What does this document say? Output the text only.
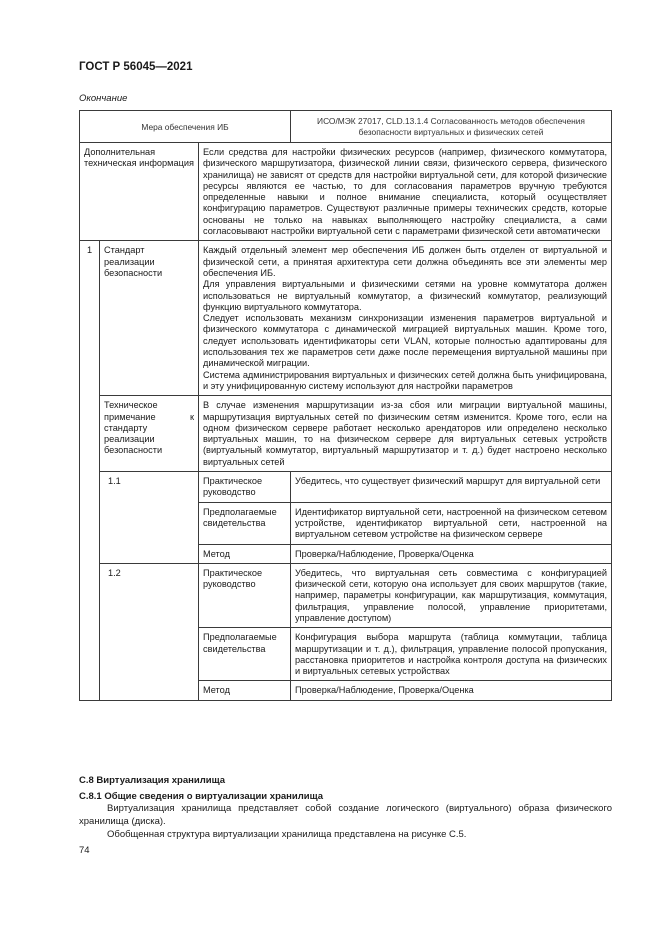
ГОСТ Р 56045—2021
Окончание
Мера обеспечения ИБ			ИСО/МЭК 27017, CLD.13.1.4 Согласованность методов обеспечения безопасности виртуальных и физических сетей
Дополнительная техническая информация		Если средства для настройки физических ресурсов (например, физического коммутатора, физического маршрутизатора, физической линии связи, физического сервера, физического хранилища) не зависят от средств для настройки виртуальной сети, для которой физические ресурсы являются ее частью, то для согласования параметров вручную требуются определенные навыки и полное внимание специалиста, который осуществляет конфигурацию параметров. Существуют различные примеры технических средств, которые основаны не только на навыках выполняющего настройку специалиста, а сами согласовывают настройки виртуальной сети с параметрами физической сети автоматически	
1	Стандарт реализации безопасности	Каждый отдельный элемент мер обеспечения ИБ должен быть отделен от виртуальной и физической сети, а принятая архитектура сети должна объединять все эти элементы мер обеспечения ИБ.
Для управления виртуальными и физическими сетями на уровне коммутатора должен использоваться не виртуальный коммутатор, а физический коммутатор, реализующий функцию виртуального коммутатора.
Следует использовать механизм синхронизации изменения параметров виртуальной и физического коммутатора с динамической миграцией виртуальных машин. Кроме того, следует использовать идентификаторы сети VLAN, которые полностью адаптированы для использования тех же параметров сети даже после перемещения виртуальной машины при динамической миграции.
Система администрирования виртуальных и физических сетей должна быть унифицирована, и эту унифицированную систему используют для настройки параметров	

	Техническое примечание к стандарту реализации безопасности	В случае изменения маршрутизации из-за сбоя или миграции виртуальной машины, маршрутизация виртуальных сетей по физическим сетям изменится. Кроме того, если на одном физическом сервере работает несколько арендаторов или определено несколько виртуальных машин, то на физическом сервере для виртуальных сетевых устройств (виртуальный коммутатор, виртуальный маршрутизатор и т. д.) будет настроено несколько виртуальных сетей	
	1.1	Практическое руководство	Убедитесь, что существует физический маршрут для виртуальной сети
		Предполагаемые свидетельства	Идентификатор виртуальной сети, настроенной на физическом сетевом устройстве, идентификатор виртуальной сети, настроенной на виртуальном сетевом устройстве на физическом сервере
		Метод	Проверка/Наблюдение, Проверка/Оценка
	1.2	Практическое руководство	Убедитесь, что виртуальная сеть совместима с конфигурацией физической сети, которую она использует для своих маршрутов (такие, например, параметры конфигурации, как маршрутизация, коммутация, фильтрация, управление полосой, управление приоритетами, управление доступом)
		Предполагаемые свидетельства	Конфигурация выбора маршрута (таблица коммутации, таблица маршрутизации и т. д.), фильтрация, управление полосой пропускания, расстановка приоритетов и настройка контроля доступа на физических и виртуальных сетевых устройствах
		Метод	Проверка/Наблюдение, Проверка/Оценка
C.8 Виртуализация хранилища
C.8.1 Общие сведения о виртуализации хранилища
Виртуализация хранилища представляет собой создание логического (виртуального) образа физического хранилища (диска).
Обобщенная структура виртуализации хранилища представлена на рисунке С.5.
74
